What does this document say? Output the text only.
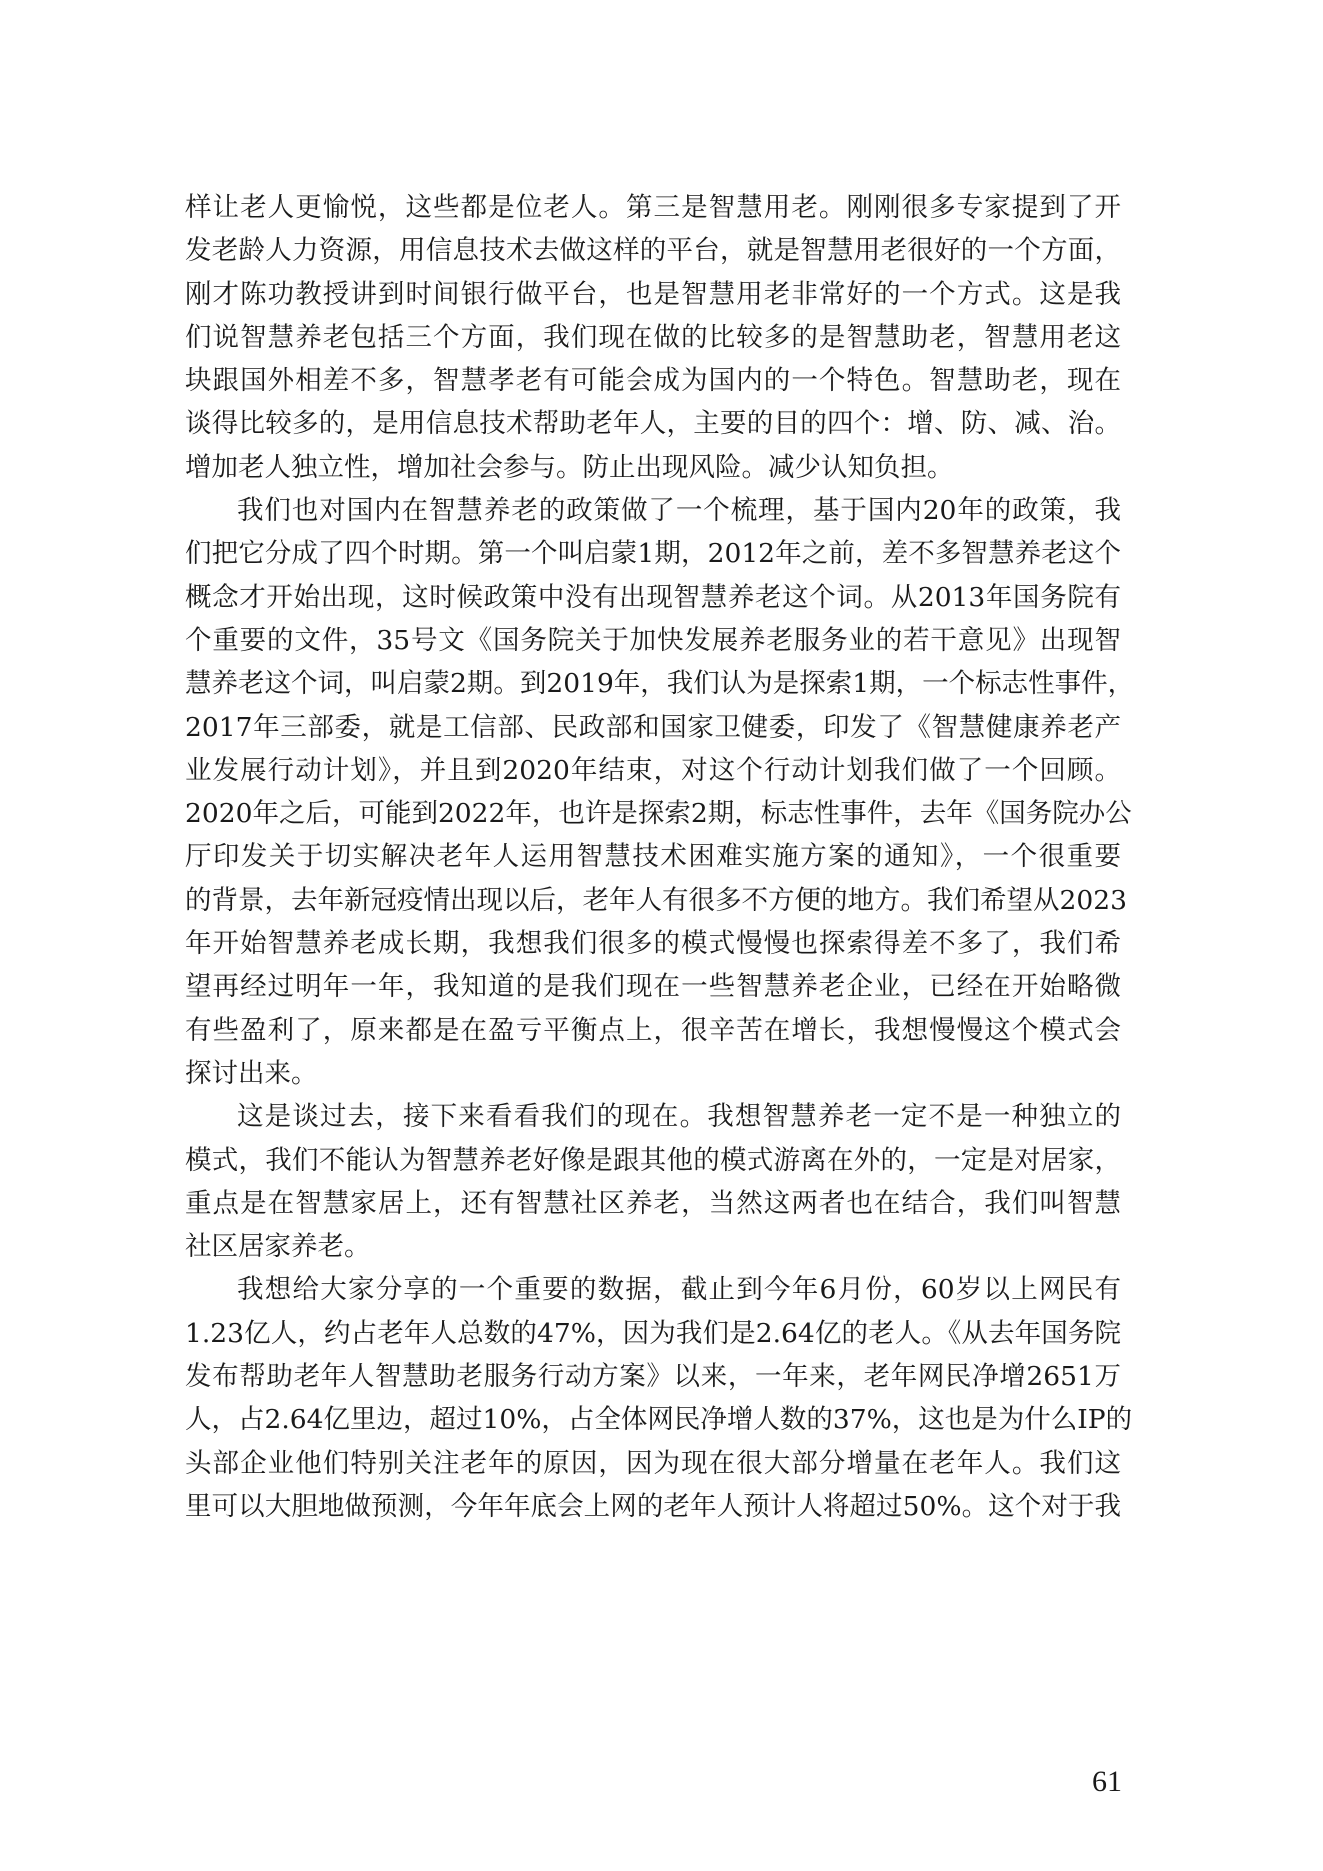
样让老人更愉悦，这些都是位老人。第三是智慧用老。刚刚很多专家提到了开
发老龄人力资源，用信息技术去做这样的平台，就是智慧用老很好的一个方面，
刚才陈功教授讲到时间银行做平台，也是智慧用老非常好的一个方式。这是我
们说智慧养老包括三个方面，我们现在做的比较多的是智慧助老，智慧用老这
块跟国外相差不多，智慧孝老有可能会成为国内的一个特色。智慧助老，现在
谈得比较多的，是用信息技术帮助老年人，主要的目的四个：增、防、减、治。
增加老人独立性，增加社会参与。防止出现风险。减少认知负担。
我们也对国内在智慧养老的政策做了一个梳理，基于国内20年的政策，我
们把它分成了四个时期。第一个叫启蒙1期，2012年之前，差不多智慧养老这个
概念才开始出现，这时候政策中没有出现智慧养老这个词。从2013年国务院有
个重要的文件，35号文《国务院关于加快发展养老服务业的若干意见》出现智
慧养老这个词，叫启蒙2期。到2019年，我们认为是探索1期，一个标志性事件，
2017年三部委，就是工信部、民政部和国家卫健委，印发了《智慧健康养老产
业发展行动计划》，并且到2020年结束，对这个行动计划我们做了一个回顾。
2020年之后，可能到2022年，也许是探索2期，标志性事件，去年《国务院办公
厅印发关于切实解决老年人运用智慧技术困难实施方案的通知》，一个很重要
的背景，去年新冠疫情出现以后，老年人有很多不方便的地方。我们希望从2023
年开始智慧养老成长期，我想我们很多的模式慢慢也探索得差不多了，我们希
望再经过明年一年，我知道的是我们现在一些智慧养老企业，已经在开始略微
有些盈利了，原来都是在盈亏平衡点上，很辛苦在增长，我想慢慢这个模式会
探讨出来。
这是谈过去，接下来看看我们的现在。我想智慧养老一定不是一种独立的
模式，我们不能认为智慧养老好像是跟其他的模式游离在外的，一定是对居家，
重点是在智慧家居上，还有智慧社区养老，当然这两者也在结合，我们叫智慧
社区居家养老。
我想给大家分享的一个重要的数据，截止到今年6月份，60岁以上网民有
1.23亿人，约占老年人总数的47%，因为我们是2.64亿的老人。《从去年国务院
发布帮助老年人智慧助老服务行动方案》以来，一年来，老年网民净增2651万
人，占2.64亿里边，超过10%，占全体网民净增人数的37%，这也是为什么IP的
头部企业他们特别关注老年的原因，因为现在很大部分增量在老年人。我们这
里可以大胆地做预测，今年年底会上网的老年人预计人将超过50%。这个对于我
61
